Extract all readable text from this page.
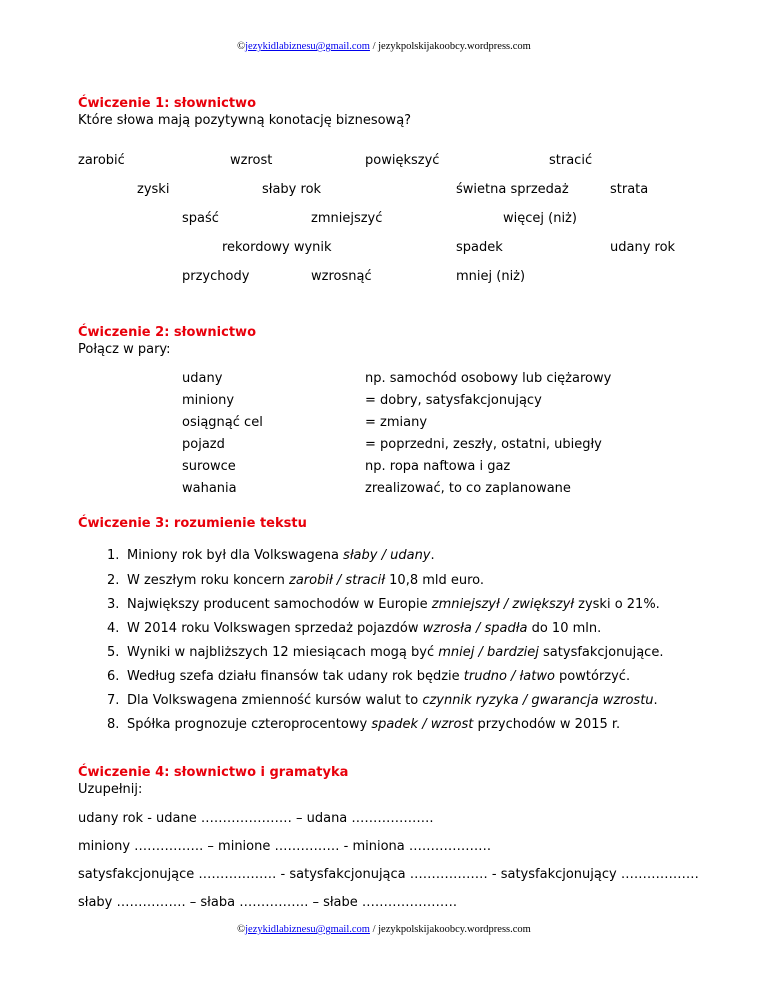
©jezykidlabiznesu@gmail.com / jezykpolskijakoobcy.wordpress.com
Ćwiczenie 1: słownictwo
Które słowa mają pozytywną konotację biznesową?
zarobić	wzrost	powiększyć	stracić
zyski	słaby rok	świetna sprzedaż	strata
spaść	zmniejszyć	więcej (niż)
rekordowy wynik	spadek	udany rok
przychody	wzrosnąć	mniej (niż)
Ćwiczenie 2: słownictwo
Połącz w pary:
udany	np. samochód osobowy lub ciężarowy
miniony	= dobry, satysfakcjonujący
osiągnąć cel	= zmiany
pojazd	= poprzedni, zeszły, ostatni, ubiegły
surowce	np. ropa naftowa i gaz
wahania	zrealizować, to co zaplanowane
Ćwiczenie 3: rozumienie tekstu
1. Miniony rok był dla Volkswagena słaby / udany.
2. W zeszłym roku koncern zarobił / stracił 10,8 mld euro.
3. Największy producent samochodów w Europie zmniejszył / zwiększył zyski o 21%.
4. W 2014 roku Volkswagen sprzedaż pojazdów wzrosła / spadła do 10 mln.
5. Wyniki w najbliższych 12 miesiącach mogą być mniej / bardziej satysfakcjonujące.
6. Według szefa działu finansów tak udany rok będzie trudno / łatwo powtórzyć.
7. Dla Volkswagena zmienność kursów walut to czynnik ryzyka / gwarancja wzrostu.
8. Spółka prognozuje czteroprocentowy spadek / wzrost przychodów w 2015 r.
Ćwiczenie 4: słownictwo i gramatyka
Uzupełnij:
udany rok - udane ………………… – udana ……………….
miniony ……………. – minione …………… - miniona ……………….
satysfakcjonujące ……………… - satysfakcjonująca ……………… - satysfakcjonujący ………………
słaby ……………. – słaba ……………. – słabe ………………….
©jezykidlabiznesu@gmail.com / jezykpolskijakoobcy.wordpress.com
